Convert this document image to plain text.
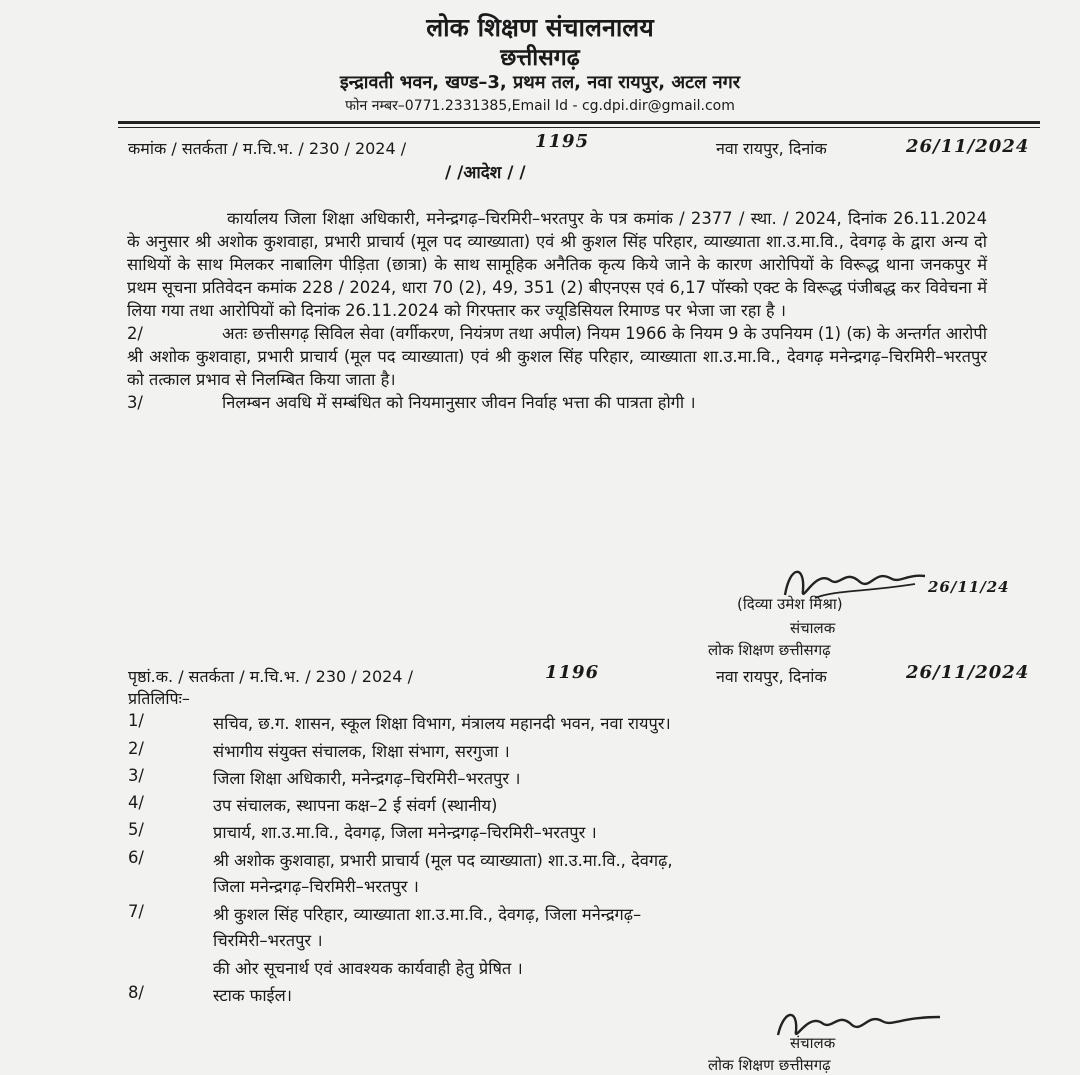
लोक शिक्षण संचालनालय
छत्तीसगढ़
इन्द्रावती भवन, खण्ड–3, प्रथम तल, नवा रायपुर, अटल नगर
फोन नम्बर–0771.2331385,Email Id - cg.dpi.dir@gmail.com
कमांक / सतर्कता / म.चि.भ. / 230 / 2024 /	1195	नवा रायपुर, दिनांक	26/11/2024
/ /आदेश / /

कार्यालय जिला शिक्षा अधिकारी, मनेन्द्रगढ़–चिरमिरी–भरतपुर के पत्र कमांक / 2377 / स्था. / 2024, दिनांक 26.11.2024 के अनुसार श्री अशोक कुशवाहा, प्रभारी प्राचार्य (मूल पद व्याख्याता) एवं श्री कुशल सिंह परिहार, व्याख्याता शा.उ.मा.वि., देवगढ़ के द्वारा अन्य दो साथियों के साथ मिलकर नाबालिग पीड़िता (छात्रा) के साथ सामूहिक अनैतिक कृत्य किये जाने के कारण आरोपियों के विरूद्ध थाना जनकपुर में प्रथम सूचना प्रतिवेदन कमांक 228 / 2024, धारा 70 (2), 49, 351 (2) बीएनएस एवं 6,17 पॉस्को एक्ट के विरूद्ध पंजीबद्ध कर विवेचना में लिया गया तथा आरोपियों को दिनांक 26.11.2024 को गिरफ्तार कर ज्यूडिसियल रिमाण्ड पर भेजा जा रहा है ।

2/	अतः छत्तीसगढ़ सिविल सेवा (वर्गीकरण, नियंत्रण तथा अपील) नियम 1966 के नियम 9 के उपनियम (1) (क) के अन्तर्गत आरोपी श्री अशोक कुशवाहा, प्रभारी प्राचार्य (मूल पद व्याख्याता) एवं श्री कुशल सिंह परिहार, व्याख्याता शा.उ.मा.वि., देवगढ़ मनेन्द्रगढ़–चिरमिरी–भरतपुर को तत्काल प्रभाव से निलम्बित किया जाता है।

3/	निलम्बन अवधि में सम्बंधित को नियमानुसार जीवन निर्वाह भत्ता की पात्रता होगी ।

26/11/24
(दिव्या उमेश मिश्रा)
संचालक
लोक शिक्षण छत्तीसगढ़
पृष्ठां.क. / सतर्कता / म.चि.भ. / 230 / 2024 /	1196	नवा रायपुर, दिनांक	26/11/2024
प्रतिलिपिः–
1/	सचिव, छ.ग. शासन, स्कूल शिक्षा विभाग, मंत्रालय महानदी भवन, नवा रायपुर।
2/	संभागीय संयुक्त संचालक, शिक्षा संभाग, सरगुजा ।
3/	जिला शिक्षा अधिकारी, मनेन्द्रगढ़–चिरमिरी–भरतपुर ।
4/	उप संचालक, स्थापना कक्ष–2 ई संवर्ग (स्थानीय)
5/	प्राचार्य, शा.उ.मा.वि., देवगढ़, जिला मनेन्द्रगढ़–चिरमिरी–भरतपुर ।
6/	श्री अशोक कुशवाहा, प्रभारी प्राचार्य (मूल पद व्याख्याता) शा.उ.मा.वि., देवगढ़,
जिला मनेन्द्रगढ़–चिरमिरी–भरतपुर ।
7/	श्री कुशल सिंह परिहार, व्याख्याता शा.उ.मा.वि., देवगढ़, जिला मनेन्द्रगढ़–
चिरमिरी–भरतपुर ।
की ओर सूचनार्थ एवं आवश्यक कार्यवाही हेतु प्रेषित ।
8/	स्टाक फाईल।
संचालक
लोक शिक्षण छत्तीसगढ़
